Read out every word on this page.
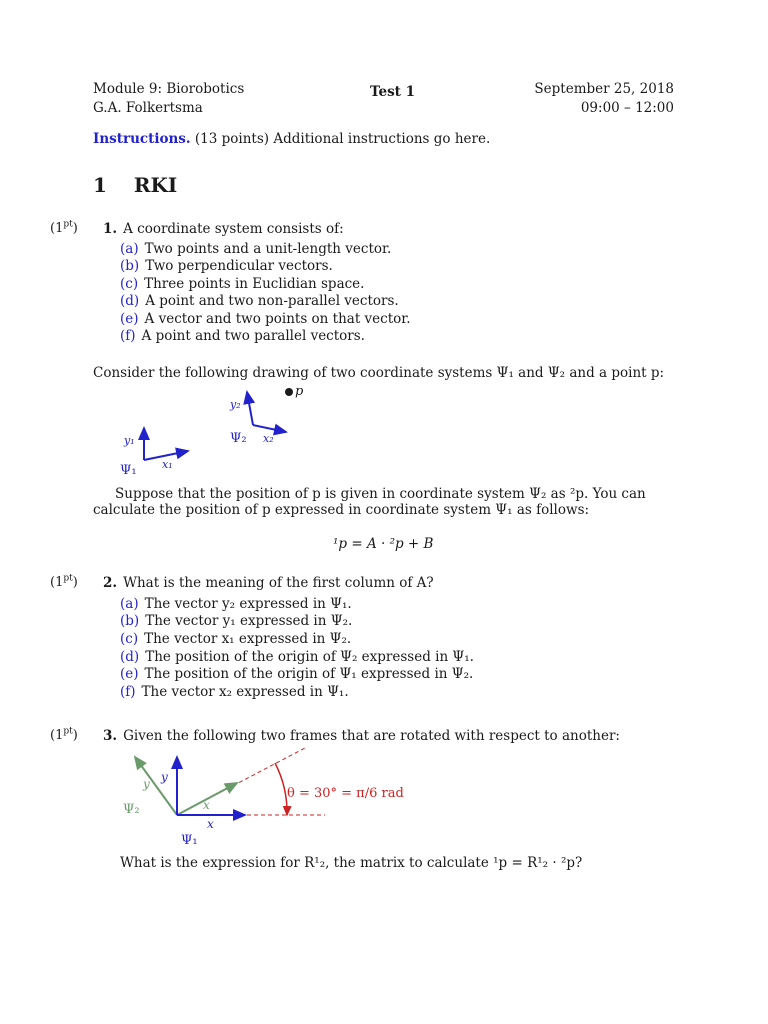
Module 9: Biorobotics
G.A. Folkertsma
Test 1	September 25, 2018
09:00 – 12:00
Instructions. (13 points) Additional instructions go here.
1 RKI
$(1^{pt})$ 1. A coordinate system consists of:
(a) Two points and a unit-length vector.
(b) Two perpendicular vectors.
(c) Three points in Euclidian space.
(d) A point and two non-parallel vectors.
(e) A vector and two points on that vector.
(f) A point and two parallel vectors.
Consider the following drawing of two coordinate systems Ψ₁ and Ψ₂ and a point p:
y₁
x₁
Ψ₁
y₂
x₂
Ψ₂
p
Suppose that the position of p is given in coordinate system Ψ₂ as ²p. You can
calculate the position of p expressed in coordinate system Ψ₁ as follows:
¹p = A · ²p + B
$(1^{pt})$ 2. What is the meaning of the first column of A?
(a) The vector y₂ expressed in Ψ₁.
(b) The vector y₁ expressed in Ψ₂.
(c) The vector x₁ expressed in Ψ₂.
(d) The position of the origin of Ψ₂ expressed in Ψ₁.
(e) The position of the origin of Ψ₁ expressed in Ψ₂.
(f) The vector x₂ expressed in Ψ₁.
$(1^{pt})$ 3. Given the following two frames that are rotated with respect to another:
θ = 30° = π/6 rad
y
x
Ψ₂
y
x
Ψ₁
What is the expression for R¹₂, the matrix to calculate ¹p = R¹₂ · ²p?
